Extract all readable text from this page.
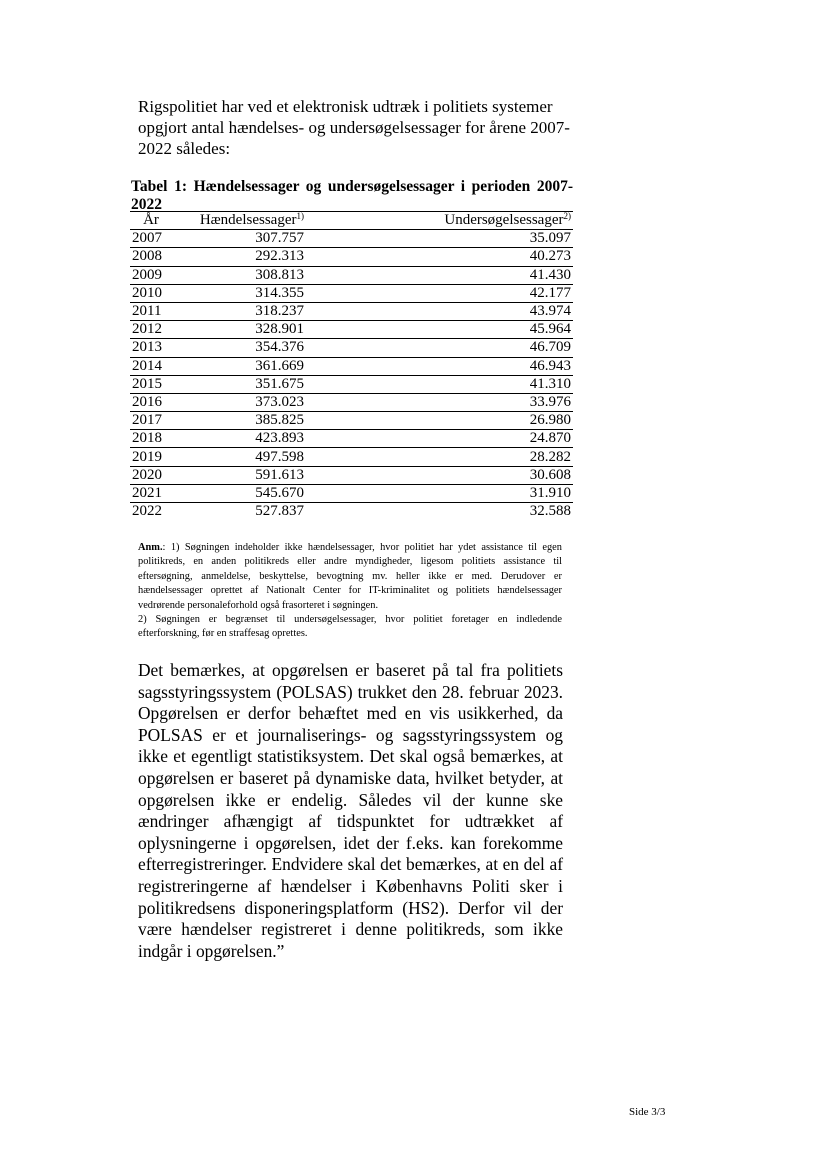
Rigspolitiet har ved et elektronisk udtræk i politiets systemer opgjort antal hændelses- og undersøgelsessager for årene 2007-2022 således:

Tabel 1: Hændelsessager og undersøgelsessager i perioden 2007-2022

År	Hændelsessager$^{1)}$	Undersøgelsessager$^{2)}$
2007	307.757	35.097
2008	292.313	40.273
2009	308.813	41.430
2010	314.355	42.177
2011	318.237	43.974
2012	328.901	45.964
2013	354.376	46.709
2014	361.669	46.943
2015	351.675	41.310
2016	373.023	33.976
2017	385.825	26.980
2018	423.893	24.870
2019	497.598	28.282
2020	591.613	30.608
2021	545.670	31.910
2022	527.837	32.588

Anm.: 1) Søgningen indeholder ikke hændelsessager, hvor politiet har ydet assistance til egen politikreds, en anden politikreds eller andre myndigheder, ligesom politiets assistance til eftersøgning, anmeldelse, beskyttelse, bevogtning mv. heller ikke er med. Derudover er hændelsessager oprettet af Nationalt Center for IT-kriminalitet og politiets hændelsessager vedrørende personaleforhold også frasorteret i søgningen.

2) Søgningen er begrænset til undersøgelsessager, hvor politiet foretager en indledende efterforskning, før en straffesag oprettes.

Det bemærkes, at opgørelsen er baseret på tal fra politiets sagsstyringssystem (POLSAS) trukket den 28. februar 2023. Opgørelsen er derfor behæftet med en vis usikkerhed, da POLSAS er et journaliserings- og sagsstyringssystem og ikke et egentligt statistiksystem. Det skal også bemærkes, at opgørelsen er baseret på dynamiske data, hvilket betyder, at opgørelsen ikke er endelig. Således vil der kunne ske ændringer afhængigt af tidspunktet for udtrækket af oplysningerne i opgørelsen, idet der f.eks. kan forekomme efterregistreringer. Endvidere skal det bemærkes, at en del af registreringerne af hændelser i Københavns Politi sker i politikredsens disponeringsplatform (HS2). Derfor vil der være hændelser registreret i denne politikreds, som ikke indgår i opgørelsen.”

Side 3/3
